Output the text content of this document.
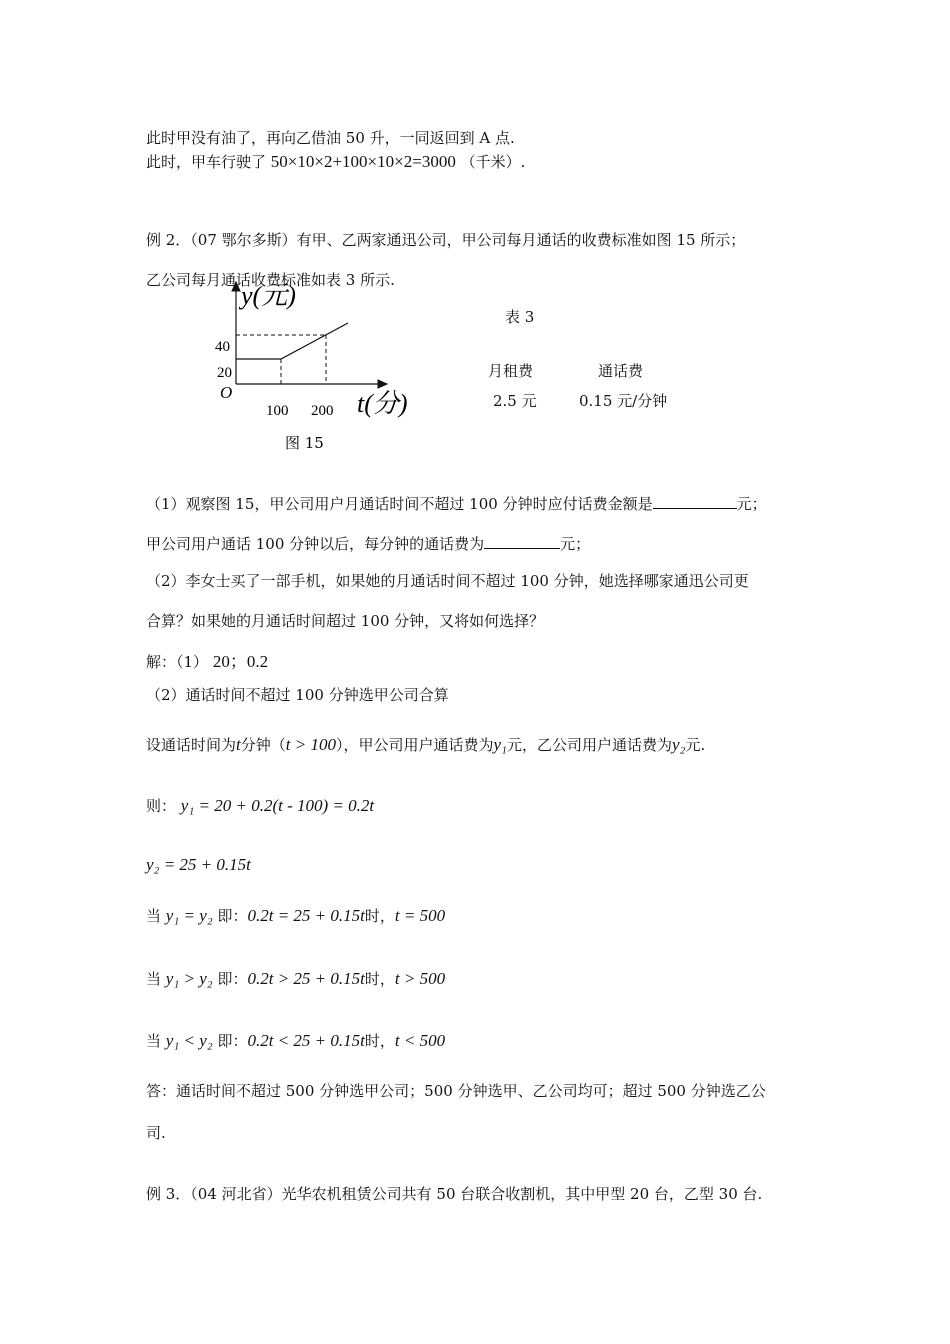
此时甲没有油了，再向乙借油 50 升，一同返回到 A 点.
此时，甲车行驶了 50×10×2+100×10×2=3000 （千米）.
例 2．（07 鄂尔多斯）有甲、乙两家通迅公司，甲公司每月通话的收费标准如图 15 所示；
乙公司每月通话收费标准如表 3 所示.
y(元)
t(分)
O
40
20
100 200
图 15
表 3
月租费	通话费
2.5 元	0.15 元/分钟
（1）观察图 15，甲公司用户月通话时间不超过 100 分钟时应付话费金额是	元；
甲公司用户通话 100 分钟以后，每分钟的通话费为	元；
（2）李女士买了一部手机，如果她的月通话时间不超过 100 分钟，她选择哪家通迅公司更
合算？如果她的月通话时间超过 100 分钟，又将如何选择？
解：（1） 20；0.2
（2）通话时间不超过 100 分钟选甲公司合算
设通话时间为t分钟（t > 100），甲公司用户通话费为y₁元，乙公司用户通话费为y₂元.
则： y₁ = 20 + 0.2(t - 100) = 0.2t
y₂ = 25 + 0.15t
当 y₁ = y₂ 即：0.2t = 25 + 0.15t时，t = 500
当 y₁ > y₂ 即：0.2t > 25 + 0.15t时，t > 500
当 y₁ < y₂ 即：0.2t < 25 + 0.15t时，t < 500
答：通话时间不超过 500 分钟选甲公司；500 分钟选甲、乙公司均可；超过 500 分钟选乙公
司.
例 3．（04 河北省）光华农机租赁公司共有 50 台联合收割机，其中甲型 20 台，乙型 30 台.
